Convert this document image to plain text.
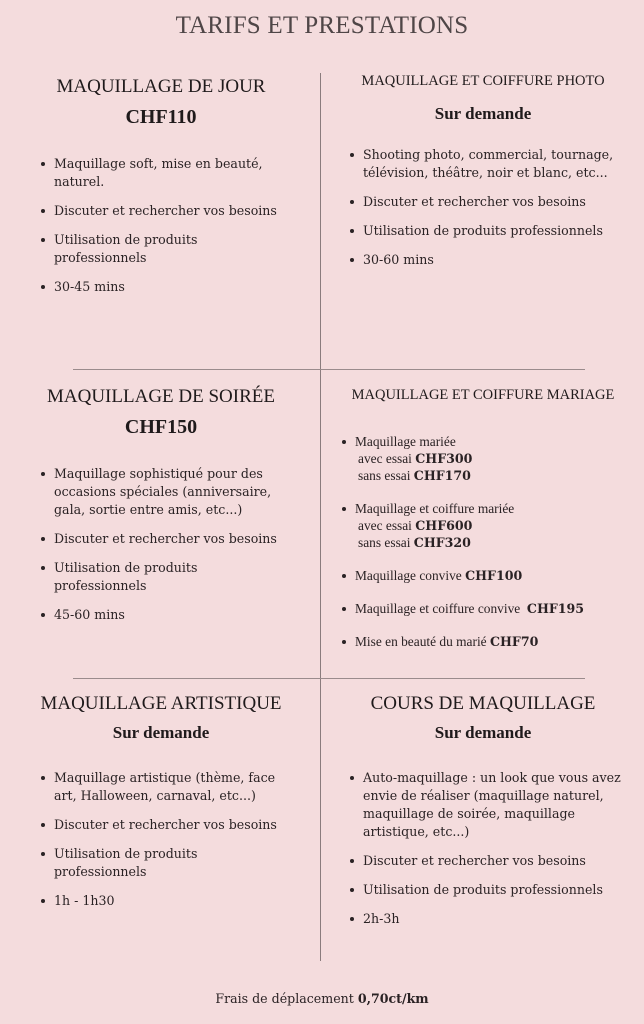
TARIFS ET PRESTATIONS
MAQUILLAGE DE JOUR
CHF110
Maquillage soft, mise en beauté, naturel.
Discuter et rechercher vos besoins
Utilisation de produits professionnels
30-45 mins
MAQUILLAGE ET COIFFURE PHOTO
Sur demande
Shooting photo, commercial, tournage, télévision, théâtre, noir et blanc, etc...
Discuter et rechercher vos besoins
Utilisation de produits professionnels
30-60 mins
MAQUILLAGE DE SOIRÉE
CHF150
Maquillage sophistiqué pour des occasions spéciales (anniversaire, gala, sortie entre amis, etc...)
Discuter et rechercher vos besoins
Utilisation de produits professionnels
45-60 mins
MAQUILLAGE ET COIFFURE MARIAGE
Maquillage mariée
avec essai CHF300
sans essai CHF170
Maquillage et coiffure mariée
avec essai CHF600
sans essai CHF320
Maquillage convive CHF100
Maquillage et coiffure convive  CHF195
Mise en beauté du marié CHF70
MAQUILLAGE ARTISTIQUE
Sur demande
Maquillage artistique (thème, face art, Halloween, carnaval, etc...)
Discuter et rechercher vos besoins
Utilisation de produits professionnels
1h - 1h30
COURS DE MAQUILLAGE
Sur demande
Auto-maquillage : un look que vous avez envie de réaliser (maquillage naturel, maquillage de soirée, maquillage artistique, etc...)
Discuter et rechercher vos besoins
Utilisation de produits professionnels
2h-3h
Frais de déplacement 0,70ct/km
